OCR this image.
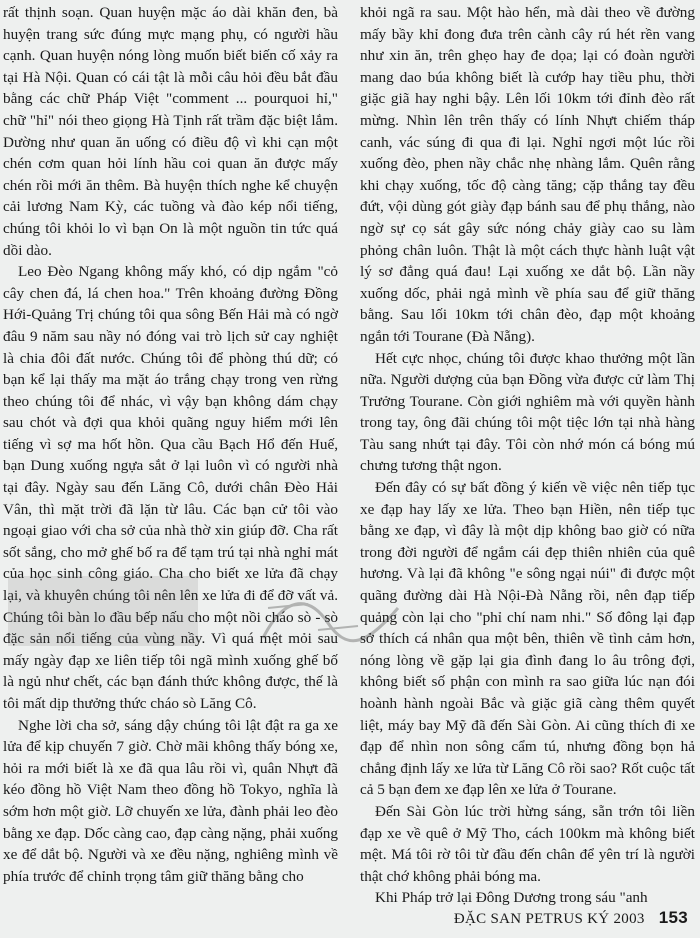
rất thịnh soạn. Quan huyện mặc áo dài khăn đen, bà huyện trang sức đúng mực mạng phụ, có người hầu cạnh. Quan huyện nóng lòng muốn biết biến cố xảy ra tại Hà Nội. Quan có cái tật là mỗi câu hỏi đều bắt đầu bằng các chữ Pháp Việt "comment ... pourquoi hỉ," chữ "hỉ" nói theo giọng Hà Tịnh rất trầm đặc biệt lắm. Dường như quan ăn uống có điều độ vì khi cạn một chén cơm quan hỏi lính hầu coi quan ăn được mấy chén rồi mới ăn thêm. Bà huyện thích nghe kể chuyện cải lương Nam Kỳ, các tuồng và đào kép nổi tiếng, chúng tôi khỏi lo vì bạn On là một nguồn tin tức quá dồi dào.

Leo Đèo Ngang không mấy khó, có dịp ngắm "cỏ cây chen đá, lá chen hoa." Trên khoảng đường Đồng Hới-Quảng Trị chúng tôi qua sông Bến Hải mà có ngờ đâu 9 năm sau nầy nó đóng vai trò lịch sử cay nghiệt là chia đôi đất nước. Chúng tôi để phòng thú dữ; có bạn kể lại thấy ma mặt áo trắng chạy trong ven rừng theo chúng tôi để nhác, vì vậy bạn không dám chạy sau chót và đợi qua khỏi quãng nguy hiểm mới lên tiếng vì sợ ma hốt hồn. Qua cầu Bạch Hổ đến Huế, bạn Dung xuống ngựa sắt ở lại luôn vì có người nhà tại đây. Ngày sau đến Lăng Cô, dưới chân Đèo Hải Vân, thì mặt trời đã lặn từ lâu. Các bạn cử tôi vào ngoại giao với cha sở của nhà thờ xin giúp đỡ. Cha rất sốt sắng, cho mở ghế bố ra để tạm trú tại nhà nghỉ mát của học sinh công giáo. Cha cho biết xe lửa đã chạy lại, và khuyên chúng tôi nên lên xe lửa đi để đỡ vất vả. Chúng tôi bàn lo đầu bếp nấu cho một nồi cháo sò - sò đặc sản nổi tiếng của vùng nầy. Vì quá mệt mỏi sau mấy ngày đạp xe liên tiếp tôi ngã mình xuống ghế bố là ngủ như chết, các bạn đánh thức không được, thế là tôi mất dịp thưởng thức cháo sò Lăng Cô.

Nghe lời cha sở, sáng dậy chúng tôi lật đật ra ga xe lửa để kịp chuyến 7 giờ. Chờ mãi không thấy bóng xe, hỏi ra mới biết là xe đã qua lâu rồi vì, quân Nhựt đã kéo đồng hồ Việt Nam theo đồng hồ Tokyo, nghĩa là sớm hơn một giờ. Lỡ chuyến xe lửa, đành phải leo đèo bằng xe đạp. Dốc càng cao, đạp càng nặng, phải xuống xe để dắt bộ. Người và xe đều nặng, nghiêng mình về phía trước để chỉnh trọng tâm giữ thăng bằng cho

khỏi ngã ra sau. Một hào hển, mà dài theo về đường mấy bầy khỉ đong đưa trên cành cây rú hét rền vang như xin ăn, trên ghẹo hay đe dọa; lại có đoàn người mang dao búa không biết là cướp hay tiều phu, thời giặc giã hay nghi bậy. Lên lối 10km tới đỉnh đèo rất mừng. Nhìn lên trên thấy có lính Nhựt chiếm tháp canh, vác súng đi qua đi lại. Nghỉ ngơi một lúc rồi xuống đèo, phen nầy chắc nhẹ nhàng lắm. Quên rằng khi chạy xuống, tốc độ càng tăng; cặp thắng tay đều đứt, vội dùng gót giày đạp bánh sau để phụ thắng, nào ngờ sự cọ sát gây sức nóng chảy giày cao su làm phỏng chân luôn. Thật là một cách thực hành luật vật lý sơ đẳng quá đau! Lại xuống xe dắt bộ. Lần nầy xuống dốc, phải ngả mình về phía sau để giữ thăng bằng. Sau lối 10km tới chân đèo, đạp một khoảng ngắn tới Tourane (Đà Nẵng).

Hết cực nhọc, chúng tôi được khao thưởng một lần nữa. Người dượng của bạn Đồng vừa được cử làm Thị Trưởng Tourane. Còn giới nghiêm mà với quyền hành trong tay, ông đãi chúng tôi một tiệc lớn tại nhà hàng Tàu sang nhứt tại đây. Tôi còn nhớ món cá bóng mú chưng tương thật ngon.

Đến đây có sự bất đồng ý kiến về việc nên tiếp tục xe đạp hay lấy xe lửa. Theo bạn Hiền, nên tiếp tục bằng xe đạp, vì đây là một dịp không bao giờ có nữa trong đời người để ngắm cái đẹp thiên nhiên của quê hương. Và lại đã không "e sông ngại núi" đi được một quãng đường dài Hà Nội-Đà Nẵng rồi, nên đạp tiếp quảng còn lại cho "phỉ chí nam nhi." Số đông lại đạp sở thích cá nhân qua một bên, thiên về tình cảm hơn, nóng lòng về gặp lại gia đình đang lo âu trông đợi, không biết số phận con mình ra sao giữa lúc nạn đói hoành hành ngoài Bắc và giặc giã càng thêm quyết liệt, máy bay Mỹ đã đến Sài Gòn. Ai cũng thích đi xe đạp để nhìn non sông cẩm tú, nhưng đồng bọn hả chẳng định lấy xe lửa từ Lăng Cô rồi sao? Rốt cuộc tất cả 5 bạn đem xe đạp lên xe lửa ở Tourane.

Đến Sài Gòn lúc trời hừng sáng, sẵn trớn tôi liền đạp xe về quê ở Mỹ Tho, cách 100km mà không biết mệt. Má tôi rờ tôi từ đầu đến chân để yên trí là người thật chớ không phải bóng ma.

Khi Pháp trở lại Đông Dương trong sáu "anh

ĐẶC SAN PETRUS KÝ 2003 153
